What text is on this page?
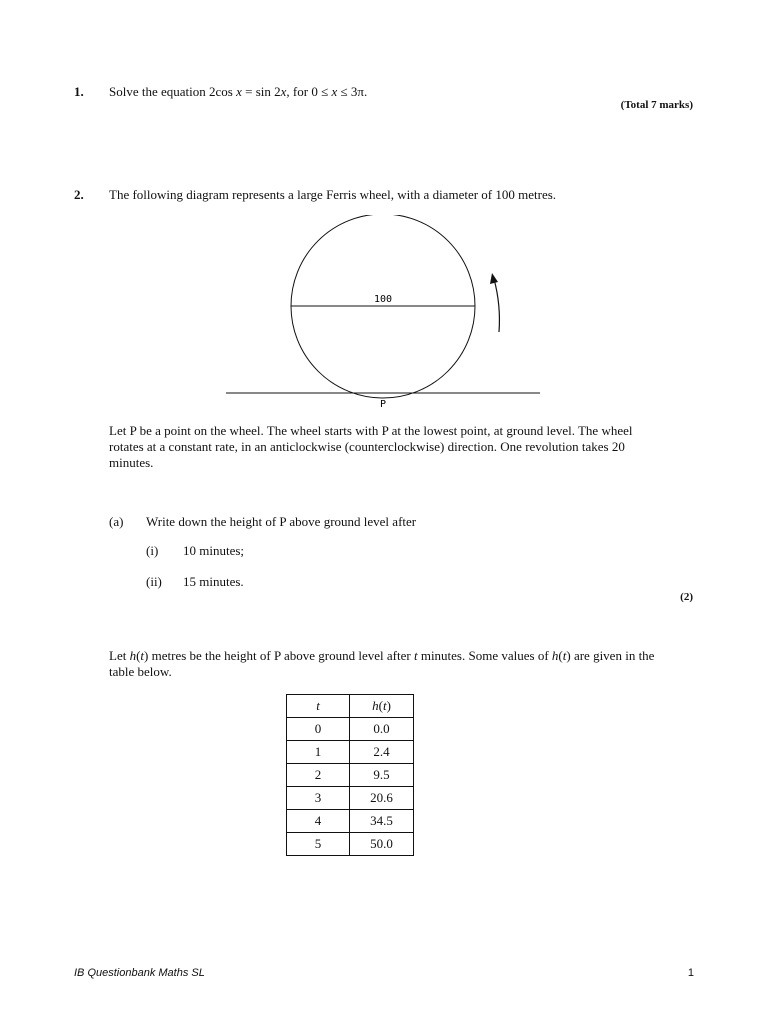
1. Solve the equation 2cos x = sin 2x, for 0 ≤ x ≤ 3π.
(Total 7 marks)
2. The following diagram represents a large Ferris wheel, with a diameter of 100 metres.
100
P
Let P be a point on the wheel. The wheel starts with P at the lowest point, at ground level. The wheel rotates at a constant rate, in an anticlockwise (counterclockwise) direction. One revolution takes 20 minutes.
(a) Write down the height of P above ground level after
(i) 10 minutes;
(ii) 15 minutes.
(2)
Let h(t) metres be the height of P above ground level after t minutes. Some values of h(t) are given in the table below.
t	h(t)
0	0.0
1	2.4
2	9.5
3	20.6
4	34.5
5	50.0
IB Questionbank Maths SL	1
